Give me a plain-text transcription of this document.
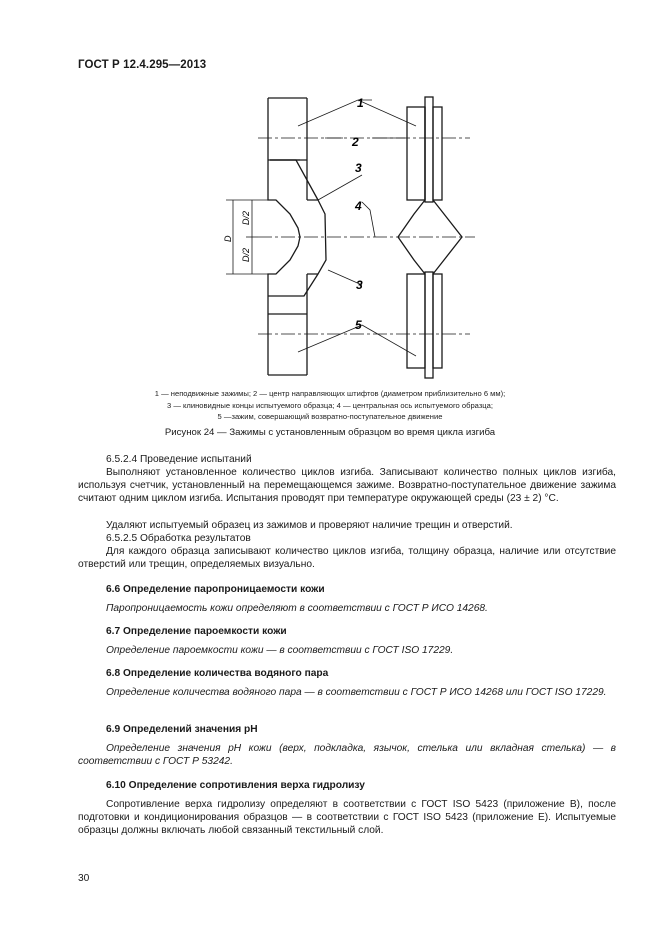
ГОСТ Р 12.4.295—2013
1
2
3
4
3
5
D
D/2
D/2
1 — неподвижные зажимы; 2 — центр направляющих штифтов (диаметром приблизительно 6 мм);
3 — клиновидные концы испытуемого образца; 4 — центральная ось испытуемого образца;
5 —зажим, совершающий возвратно-поступательное движение
Рисунок 24 — Зажимы с установленным образцом во время цикла изгиба
6.5.2.4 Проведение испытаний
Выполняют установленное количество циклов изгиба. Записывают количество полных циклов изгиба, используя счетчик, установленный на перемещающемся зажиме. Возвратно-поступательное движение зажима считают одним циклом изгиба. Испытания проводят при температуре окружающей среды (23 ± 2) °C.
Удаляют испытуемый образец из зажимов и проверяют наличие трещин и отверстий.
6.5.2.5 Обработка результатов
Для каждого образца записывают количество циклов изгиба, толщину образца, наличие или отсутствие отверстий или трещин, определяемых визуально.
6.6 Определение паропроницаемости кожи
Паропроницаемость кожи определяют в соответствии с ГОСТ Р ИСО 14268.
6.7 Определение пароемкости кожи
Определение пароемкости кожи — в соответствии с ГОСТ ISO 17229.
6.8 Определение количества водяного пара
Определение количества водяного пара — в соответствии с ГОСТ Р ИСО 14268 или ГОСТ ISO 17229.
6.9 Определений значения pH
Определение значения pH кожи (верх, подкладка, язычок, стелька или вкладная стелька) — в соответствии с ГОСТ Р 53242.
6.10 Определение сопротивления верха гидролизу
Сопротивление верха гидролизу определяют в соответствии с ГОСТ ISO 5423 (приложение В), после подготовки и кондиционирования образцов — в соответствии с ГОСТ ISO 5423 (приложение Е). Испытуемые образцы должны включать любой связанный текстильный слой.
30
